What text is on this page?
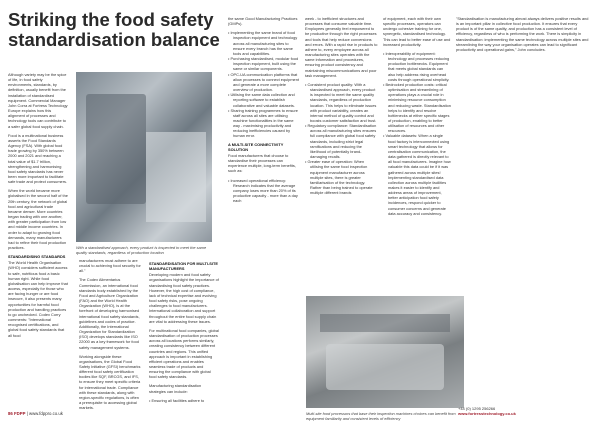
Striking the food safety standardisation balance

Although variety may be the spice of life, in food safety environments, standards, by definition, usually benefit from the installation of standardised equipment. Commercial Manager John Corra at Fortress Technology Europe explains how this alignment of processes and technology tools can contribute to a safer global food supply chain.

Food is a multinational business asserts the Food Standards Agency (FSA). With global food trade growing by 350% between 2000 and 2021 and reaching a total value of $1.7 trillion, strengthening and harmonising food safety standards has never been more important to facilitate safe trade and protect consumers.

When the world became more globalised in the second half of the 20th century, the network of global food and agricultural trade became denser. More countries began trading with one another, with greater participation from low and middle income countries. In order to adapt to growing food demands, many manufacturers had to refine their food production practices.

STANDARDISING STANDARDS

The World Health Organisation (WHO) considers sufficient access to safe, nutritious food a basic human right. While food globalisation can help improve that access, especially for those who are facing hunger or are food insecure, it also presents many opportunities for harmful food production and handling practices to go unchecked. Codex Corry comments: "International recognised certifications, and global food safety standards that all food

With a standardised approach, every product is inspected to meet the same quality standards, regardless of production location

manufacturers must adhere to are crucial to achieving food security for all."

The Codex Alimentarius Commission, an international food standards body established by the Food and Agriculture Organization (FAO) and the World Health Organization (WHO), is at the forefront of developing harmonised international food safety standards, guidelines and codes of practice. Additionally, the International Organization for Standardization (ISO) develops standards like ISO 22000 as a key framework for food safety management systems.

Working alongside these organisations, the Global Food Safety Initiative (GFSI) benchmarks different food safety certification bodies like SQF, BRCGS, and IFS, to ensure they meet specific criteria for international trade. Compliance with these standards, along with region-specific regulations, is often a prerequisite to accessing global markets.

STANDARDISATION FOR MULTI-SITE MANUFACTURERS

Developing modern and food safety organisations highlight the importance of standardising food safety practices. However, the high cost of compliance, lack of technical expertise and evolving food safety risks, pose ongoing challenges to food manufacturers. International collaboration and support throughout the entire food supply chain are vital to addressing these issues.

For multinational food companies, global standardisation of production processes across all locations performs similarly, creating consistency between different countries and regions. This unified approach is important in establishing efficient operations and enables seamless trade of products and ensuring the compliance with global food safety standards.

Manufacturing standardisation strategies can include:

• Ensuring all facilities adhere to

the same Good Manufacturing Practices (GMPs).

• Implementing the same brand of food inspection equipment and technology across all manufacturing sites to ensure every branch has the same tools and capabilities.
• Purchasing standardised, modular food inspection equipment, built using the same or similar components.
• OPC-UA communication platforms that allow processes to connect equipment and generate a more complete overview of production.
• Utilising the same data collection and reporting software to establish collaborative and valuable datasets.
• Sharing training programmes to ensure staff across all sites are utilising machine functionalities in the same way - maximising productivity and reducing inefficiencies caused by human error.

A MULTI-SITE CONNECTIVITY SOLUTION

Food manufacturers that choose to standardise their processes can experience multiple, long-term benefits, such as:

• Increased operational efficiency: Research indicates that the average company loses more than 20% of its productive capacity - more than a day each

week - to inefficient structures and processes that consume valuable time. Employees generally feel empowered to be productive through the right processes and tools that help reduce conversions and errors. With a rapid rise in products to adhere to, every employee across all manufacturing sites operates with the same information and procedures, ensuring product consistency and maintaining miscommunications and poor task management.

• Consistent product quality: With a standardised approach, every product is inspected to meet the same quality standards, regardless of production location. This helps to eliminate issues with product variability, creates an internal method of quality control and boosts customer satisfaction and trust.
• Regulatory compliance: Standardisation across all manufacturing sites ensures full compliance with global food safety standards, including strict legal ramifications and reducing the likelihood of potentially brand-damaging recalls.
• Greater ease of operation: When utilising the same food inspection equipment manufacturer across multiple sites, there is greater familiarisation of the technology. Rather than being trained to operate multiple different brands

of equipment, each with their own specific processes, operators can undergo cohesive training for one, synergetic, standardised technology. This can lead to better ease of use and increased productivity.

• Interoperability of equipment: technology and processes reducing production bottlenecks. Equipment that meets global standards can also help address rising overhead costs through operational simplicity.
• Bedrocked production costs: critical optimisation and streamlining of operations plays a crucial role in minimising resource consumption and reducing waste. Standardisation helps to identify and resolve bottlenecks at either specific stages of production, enabling to better utilisation of resources and other resources.
• Valuable datasets: When a single food factory is interconnected using smart technology that allows for centralisation communication, the data gathered is directly relevant to all food manufacturers. Imagine how valuable this data could be if it was gathered across multiple sites! Implementing standardised data collection across multiple facilities makes it easier to identify and address areas of improvement, better anticipation food safety incidences, respond quicker to consumer concerns and generate data accuracy and consistency.

"Standardisation is manufacturing almost always delivers positive results and is an important pillar in collective food production. It ensures that every product is of the same quality, and production has a consistent level of efficiency, regardless of who is performing the work. There is simplicity in standardisation: implementing the same technology across multiple sites and streamlining the way your organisation operates can lead to significant productivity and operational gains," John concludes.

Multi-site food processors that base their inspection machines choices can benefit from equipment familiarity and consistent levels of efficiency
86 FDPP | www.fdppro.co.uk
+44 (0) 1295 256266
www.fortresstechnology.co.uk
